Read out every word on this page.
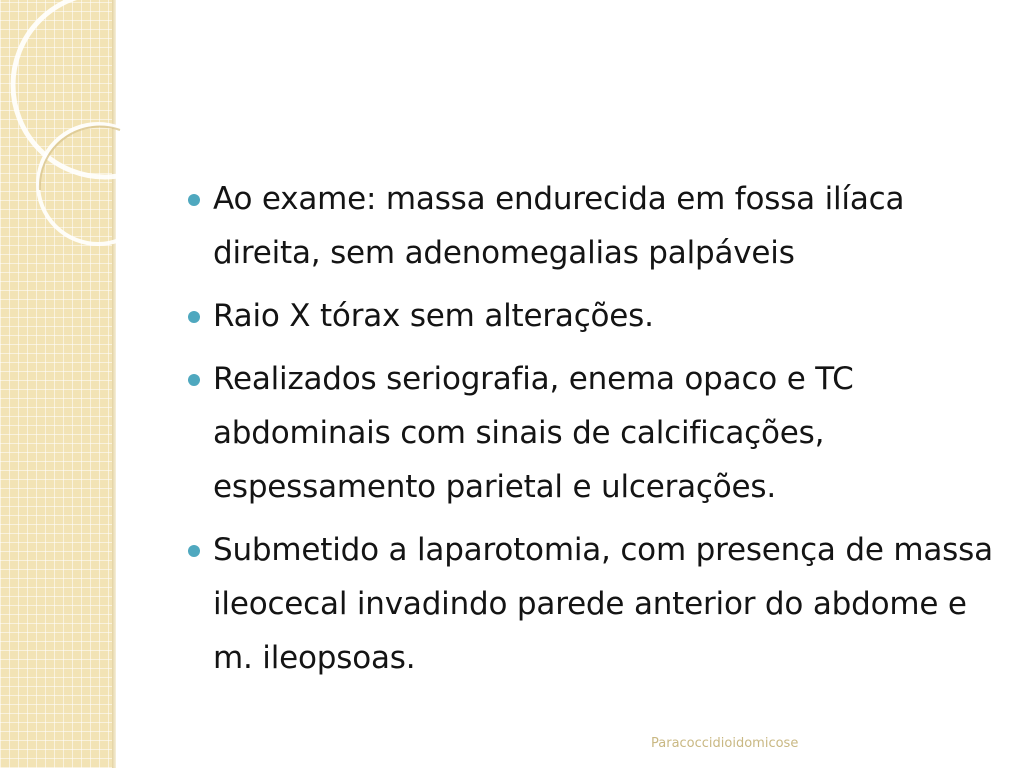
Ao exame: massa endurecida em fossa ilíaca direita, sem adenomegalias palpáveis
Raio X tórax sem alterações.
Realizados seriografia, enema opaco e TC abdominais com sinais de calcificações, espessamento parietal e ulcerações.
Submetido a laparotomia, com presença de massa ileocecal invadindo parede anterior do abdome e m. ileopsoas.
Paracoccidioidomicose
